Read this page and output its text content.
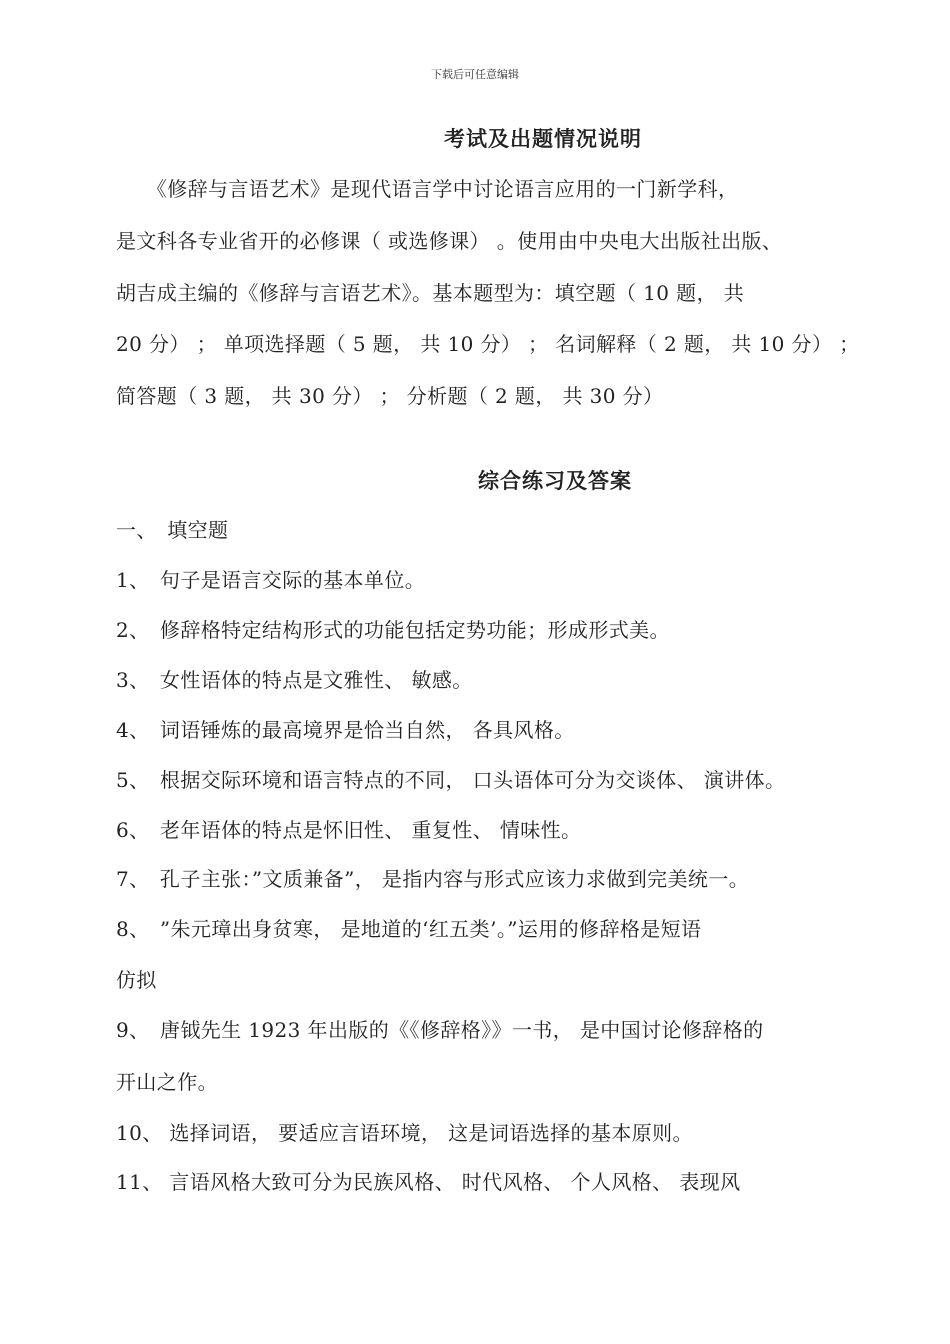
下载后可任意编辑
考试及出题情况说明
　　《修辞与言语艺术》是现代语言学中讨论语言应用的一门新学科，
是文科各专业省开的必修课（ 或选修课） 。使用由中央电大出版社出版、
胡吉成主编的《修辞与言语艺术》。基本题型为：填空题（ 10 题， 共
20 分） ； 单项选择题（ 5 题， 共 10 分） ； 名词解释（ 2 题， 共 10 分） ；
简答题（ 3 题， 共 30 分） ； 分析题（ 2 题， 共 30 分）
综合练习及答案
一、　填空题
1、　句子是语言交际的基本单位。
2、　修辞格特定结构形式的功能包括定势功能；形成形式美。
3、　女性语体的特点是文雅性、 敏感。
4、　词语锤炼的最高境界是恰当自然， 各具风格。
5、　根据交际环境和语言特点的不同， 口头语体可分为交谈体、 演讲体。
6、　老年语体的特点是怀旧性、 重复性、 情味性。
7、　孔子主张：”文质兼备”， 是指内容与形式应该力求做到完美统一。
8、　”朱元璋出身贫寒， 是地道的‘红五类’。”运用的修辞格是短语
仿拟
9、　唐钺先生 1923 年出版的《《修辞格》》一书， 是中国讨论修辞格的
开山之作。
10、 选择词语， 要适应言语环境， 这是词语选择的基本原则。
11、 言语风格大致可分为民族风格、 时代风格、 个人风格、 表现风
